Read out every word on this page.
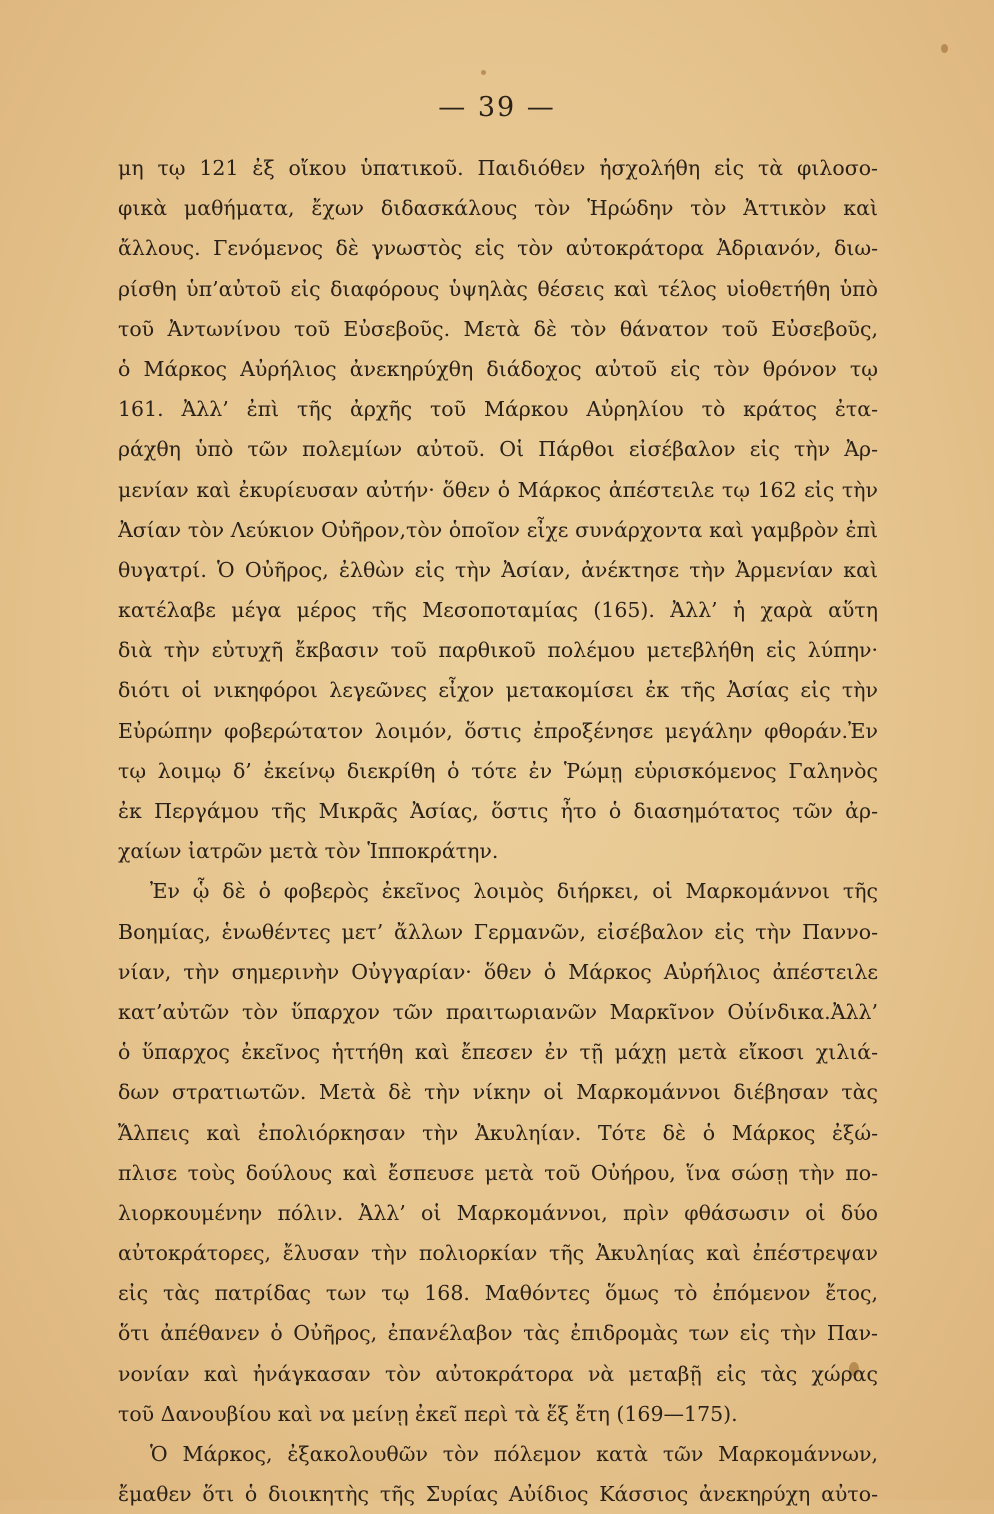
— 39 —
μη τῳ 121 ἐξ οἴκου ὑπατικοῦ. Παιδιόθεν ἠσχολήθη εἰς τὰ φιλοσο-
φικὰ μαθήματα, ἔχων διδασκάλους τὸν Ἡρώδην τὸν Ἀττικὸν καὶ
ἄλλους. Γενόμενος δὲ γνωστὸς εἰς τὸν αὐτοκράτορα Ἀδριανόν, διω-
ρίσθη ὑπ’αὐτοῦ εἰς διαφόρους ὑψηλὰς θέσεις καὶ τέλος υἱοθετήθη ὑπὸ
τοῦ Ἀντωνίνου τοῦ Εὐσεβοῦς. Μετὰ δὲ τὸν θάνατον τοῦ Εὐσεβοῦς,
ὁ Μάρκος Αὐρήλιος ἀνεκηρύχθη διάδοχος αὐτοῦ εἰς τὸν θρόνον τῳ
161. Ἀλλ’ ἐπὶ τῆς ἀρχῆς τοῦ Μάρκου Αὐρηλίου τὸ κράτος ἐτα-
ράχθη ὑπὸ τῶν πολεμίων αὐτοῦ. Οἱ Πάρθοι εἰσέβαλον εἰς τὴν Ἀρ-
μενίαν καὶ ἐκυρίευσαν αὐτήν· ὅθεν ὁ Μάρκος ἀπέστειλε τῳ 162 εἰς τὴν
Ἀσίαν τὸν Λεύκιον Οὐῆρον,τὸν ὁποῖον εἶχε συνάρχοντα καὶ γαμβρὸν ἐπὶ
θυγατρί. Ὁ Οὐῆρος, ἐλθὼν εἰς τὴν Ἀσίαν, ἀνέκτησε τὴν Ἀρμενίαν καὶ
κατέλαβε μέγα μέρος τῆς Μεσοποταμίας (165). Ἀλλ’ ἡ χαρὰ αὕτη
διὰ τὴν εὐτυχῆ ἔκβασιν τοῦ παρθικοῦ πολέμου μετεβλήθη εἰς λύπην·
διότι οἱ νικηφόροι λεγεῶνες εἶχον μετακομίσει ἐκ τῆς Ἀσίας εἰς τὴν
Εὐρώπην φοβερώτατον λοιμόν, ὅστις ἐπροξένησε μεγάλην φθοράν.Ἐν
τῳ λοιμῳ δ’ ἐκείνῳ διεκρίθη ὁ τότε ἐν Ῥώμῃ εὑρισκόμενος Γαληνὸς
ἐκ Περγάμου τῆς Μικρᾶς Ἀσίας, ὅστις ἦτο ὁ διασημότατος τῶν ἀρ-
χαίων ἰατρῶν μετὰ τὸν Ἱπποκράτην.
Ἐν ᾧ δὲ ὁ φοβερὸς ἐκεῖνος λοιμὸς διήρκει, οἱ Μαρκομάννοι τῆς
Βοημίας, ἑνωθέντες μετ’ ἄλλων Γερμανῶν, εἰσέβαλον εἰς τὴν Παννο-
νίαν, τὴν σημερινὴν Οὐγγαρίαν· ὅθεν ὁ Μάρκος Αὐρήλιος ἀπέστειλε
κατ’αὐτῶν τὸν ὕπαρχον τῶν πραιτωριανῶν Μαρκῖνον Οὐίνδικα.Ἀλλ’
ὁ ὕπαρχος ἐκεῖνος ἡττήθη καὶ ἔπεσεν ἐν τῇ μάχῃ μετὰ εἴκοσι χιλιά-
δων στρατιωτῶν. Μετὰ δὲ τὴν νίκην οἱ Μαρκομάννοι διέβησαν τὰς
Ἄλπεις καὶ ἐπολιόρκησαν τὴν Ἀκυληίαν. Τότε δὲ ὁ Μάρκος ἐξώ-
πλισε τοὺς δούλους καὶ ἔσπευσε μετὰ τοῦ Οὐήρου, ἵνα σώσῃ τὴν πο-
λιορκουμένην πόλιν. Ἀλλ’ οἱ Μαρκομάννοι, πρὶν φθάσωσιν οἱ δύο
αὐτοκράτορες, ἔλυσαν τὴν πολιορκίαν τῆς Ἀκυληίας καὶ ἐπέστρεψαν
εἰς τὰς πατρίδας των τῳ 168. Μαθόντες ὅμως τὸ ἐπόμενον ἔτος,
ὅτι ἀπέθανεν ὁ Οὐῆρος, ἐπανέλαβον τὰς ἐπιδρομὰς των εἰς τὴν Παν-
νονίαν καὶ ἠνάγκασαν τὸν αὐτοκράτορα νὰ μεταβῇ εἰς τὰς χώρας
τοῦ Δανουβίου καὶ να μείνῃ ἐκεῖ περὶ τὰ ἕξ ἔτη (169—175).
Ὁ Μάρκος, ἐξακολουθῶν τὸν πόλεμον κατὰ τῶν Μαρκομάννων,
ἔμαθεν ὅτι ὁ διοικητὴς τῆς Συρίας Αὐίδιος Κάσσιος ἀνεκηρύχη αὐτο-
